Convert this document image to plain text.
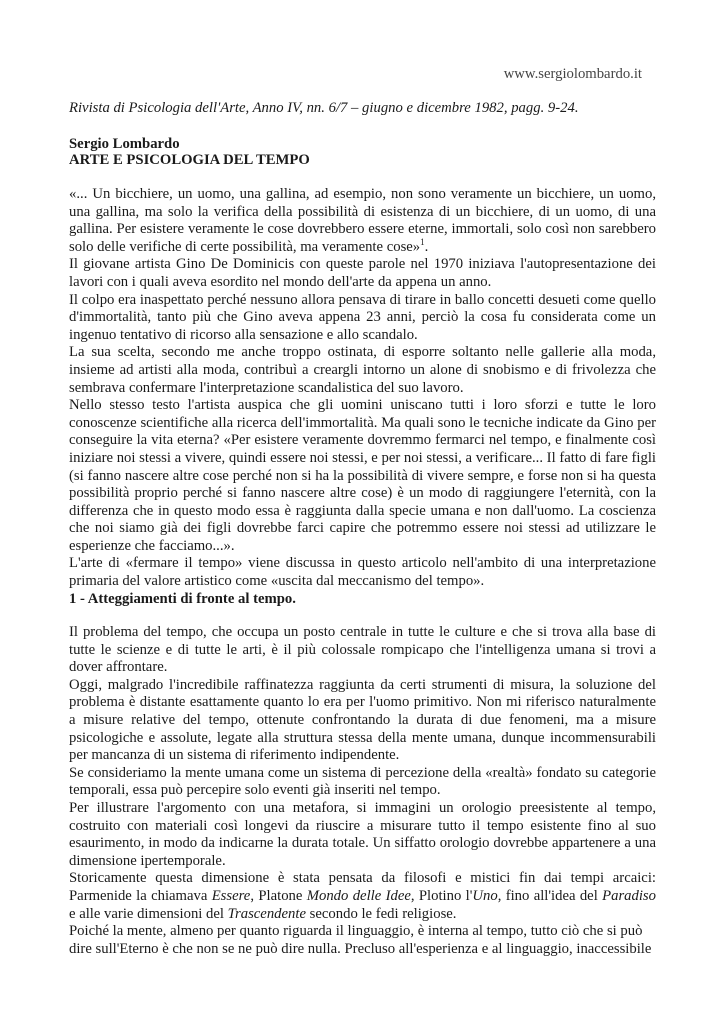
www.sergiolombardo.it
Rivista di Psicologia dell'Arte, Anno IV, nn. 6/7 – giugno e dicembre 1982, pagg. 9-24.
Sergio Lombardo
ARTE E PSICOLOGIA DEL TEMPO

«... Un bicchiere, un uomo, una gallina, ad esempio, non sono veramente un bicchiere, un uomo, una gallina, ma solo la verifica della possibilità di esistenza di un bicchiere, di un uomo, di una gallina. Per esistere veramente le cose dovrebbero essere eterne, immortali, solo così non sarebbero solo delle verifiche di certe possibilità, ma veramente cose»$^1$.

Il giovane artista Gino De Dominicis con queste parole nel 1970 iniziava l'autopresentazione dei lavori con i quali aveva esordito nel mondo dell'arte da appena un anno.

Il colpo era inaspettato perché nessuno allora pensava di tirare in ballo concetti desueti come quello d'immortalità, tanto più che Gino aveva appena 23 anni, perciò la cosa fu considerata come un ingenuo tentativo di ricorso alla sensazione e allo scandalo.

La sua scelta, secondo me anche troppo ostinata, di esporre soltanto nelle gallerie alla moda, insieme ad artisti alla moda, contribuì a creargli intorno un alone di snobismo e di frivolezza che sembrava confermare l'interpretazione scandalistica del suo lavoro.

Nello stesso testo l'artista auspica che gli uomini uniscano tutti i loro sforzi e tutte le loro conoscenze scientifiche alla ricerca dell'immortalità. Ma quali sono le tecniche indicate da Gino per conseguire la vita eterna? «Per esistere veramente dovremmo fermarci nel tempo, e finalmente così iniziare noi stessi a vivere, quindi essere noi stessi, e per noi stessi, a verificare... Il fatto di fare figli (si fanno nascere altre cose perché non si ha la possibilità di vivere sempre, e forse non si ha questa possibilità proprio perché si fanno nascere altre cose) è un modo di raggiungere l'eternità, con la differenza che in questo modo essa è raggiunta dalla specie umana e non dall'uomo. La coscienza che noi siamo già dei figli dovrebbe farci capire che potremmo essere noi stessi ad utilizzare le esperienze che facciamo...».

L'arte di «fermare il tempo» viene discussa in questo articolo nell'ambito di una interpretazione primaria del valore artistico come «uscita dal meccanismo del tempo».

1 - Atteggiamenti di fronte al tempo.

Il problema del tempo, che occupa un posto centrale in tutte le culture e che si trova alla base di tutte le scienze e di tutte le arti, è il più colossale rompicapo che l'intelligenza umana si trovi a dover affrontare.

Oggi, malgrado l'incredibile raffinatezza raggiunta da certi strumenti di misura, la soluzione del problema è distante esattamente quanto lo era per l'uomo primitivo. Non mi riferisco naturalmente a misure relative del tempo, ottenute confrontando la durata di due fenomeni, ma a misure psicologiche e assolute, legate alla struttura stessa della mente umana, dunque incommensurabili per mancanza di un sistema di riferimento indipendente.

Se consideriamo la mente umana come un sistema di percezione della «realtà» fondato su categorie temporali, essa può percepire solo eventi già inseriti nel tempo.

Per illustrare l'argomento con una metafora, si immagini un orologio preesistente al tempo, costruito con materiali così longevi da riuscire a misurare tutto il tempo esistente fino al suo esaurimento, in modo da indicarne la durata totale. Un siffatto orologio dovrebbe appartenere a una dimensione ipertemporale.

Storicamente questa dimensione è stata pensata da filosofi e mistici fin dai tempi arcaici: Parmenide la chiamava Essere, Platone Mondo delle Idee, Plotino l'Uno, fino all'idea del Paradiso e alle varie dimensioni del Trascendente secondo le fedi religiose.

Poiché la mente, almeno per quanto riguarda il linguaggio, è interna al tempo, tutto ciò che si può dire sull'Eterno è che non se ne può dire nulla. Precluso all'esperienza e al linguaggio, inaccessibile
